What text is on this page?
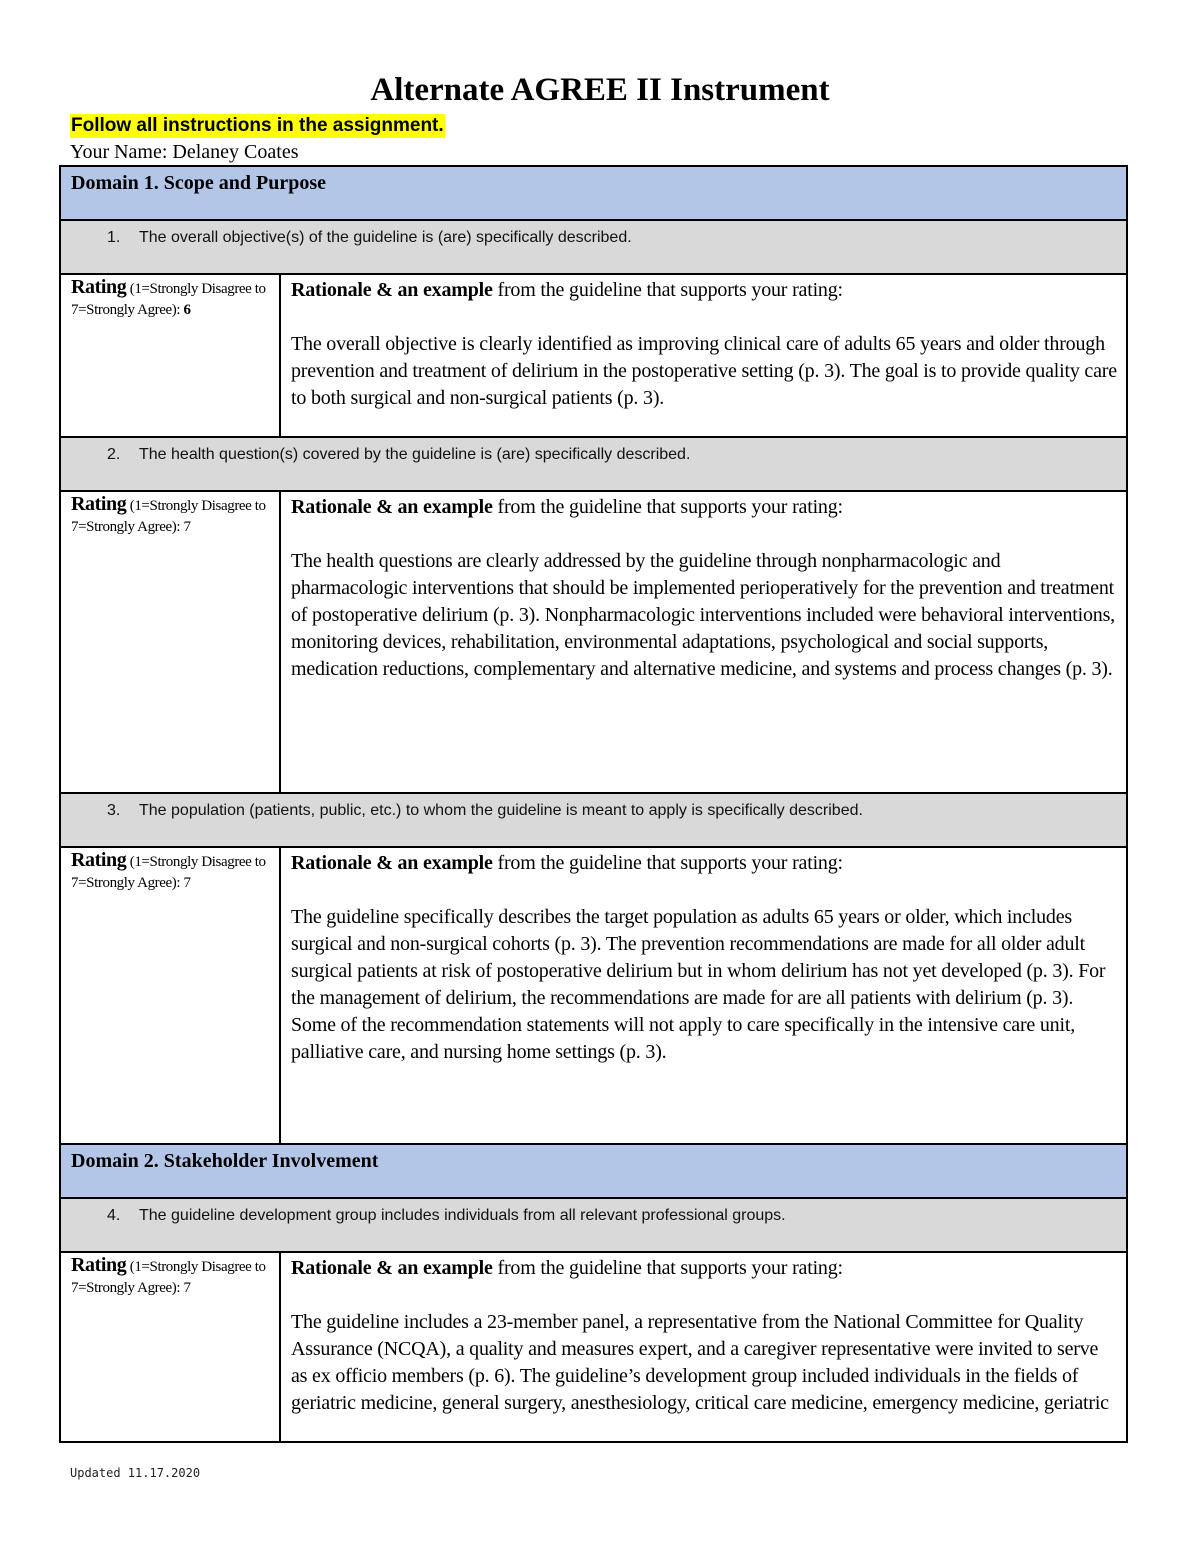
Alternate AGREE II Instrument
Follow all instructions in the assignment.
Your Name: Delaney Coates
Domain 1. Scope and Purpose	

1. The overall objective(s) of the guideline is (are) specifically described.	

Rating (1=Strongly Disagree to 7=Strongly Agree): 6	Rationale & an example from the guideline that supports your rating:

The overall objective is clearly identified as improving clinical care of adults 65 years and older through prevention and treatment of delirium in the postoperative setting (p. 3). The goal is to provide quality care to both surgical and non-surgical patients (p. 3).

2. The health question(s) covered by the guideline is (are) specifically described.	

Rating (1=Strongly Disagree to 7=Strongly Agree): 7	Rationale & an example from the guideline that supports your rating:

The health questions are clearly addressed by the guideline through nonpharmacologic and pharmacologic interventions that should be implemented perioperatively for the prevention and treatment of postoperative delirium (p. 3). Nonpharmacologic interventions included were behavioral interventions, monitoring devices, rehabilitation, environmental adaptations, psychological and social supports, medication reductions, complementary and alternative medicine, and systems and process changes (p. 3).

3. The population (patients, public, etc.) to whom the guideline is meant to apply is specifically described.	

Rating (1=Strongly Disagree to 7=Strongly Agree): 7	Rationale & an example from the guideline that supports your rating:

The guideline specifically describes the target population as adults 65 years or older, which includes surgical and non-surgical cohorts (p. 3). The prevention recommendations are made for all older adult surgical patients at risk of postoperative delirium but in whom delirium has not yet developed (p. 3). For the management of delirium, the recommendations are made for are all patients with delirium (p. 3). Some of the recommendation statements will not apply to care specifically in the intensive care unit, palliative care, and nursing home settings (p. 3).

Domain 2. Stakeholder Involvement	

4. The guideline development group includes individuals from all relevant professional groups.	

Rating (1=Strongly Disagree to 7=Strongly Agree): 7	Rationale & an example from the guideline that supports your rating:

The guideline includes a 23-member panel, a representative from the National Committee for Quality Assurance (NCQA), a quality and measures expert, and a caregiver representative were invited to serve as ex officio members (p. 6). The guideline’s development group included individuals in the fields of geriatric medicine, general surgery, anesthesiology, critical care medicine, emergency medicine, geriatric

Updated 11.17.2020
